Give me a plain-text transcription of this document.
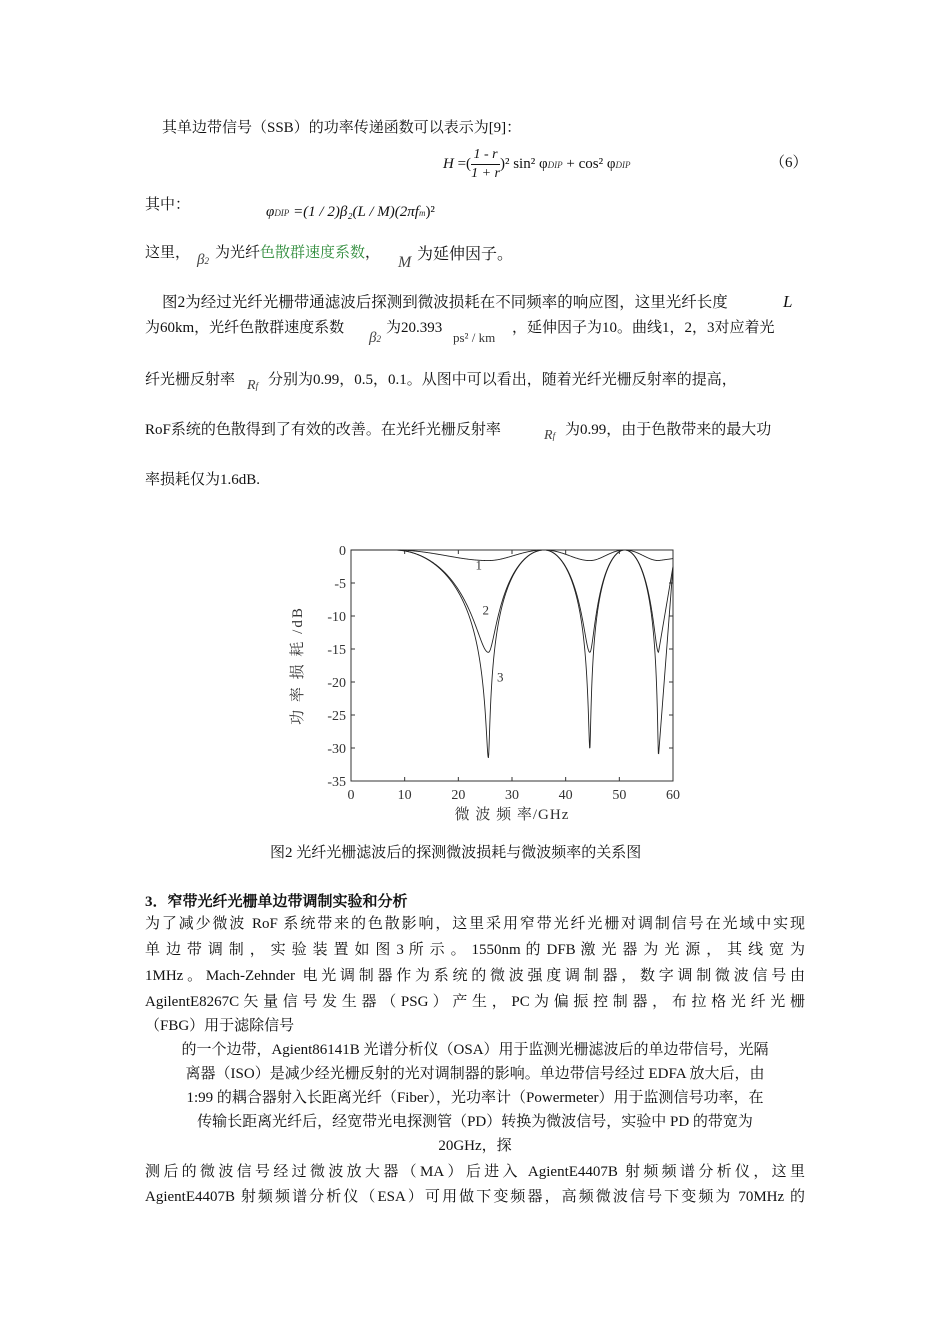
其单边带信号（SSB）的功率传递函数可以表示为[9]：
H =( $\frac{1 - r}{1 + r} )^2$ sin² φDIP + cos² φDIP	（6）
其中：	φDIP =(1 / 2)β₂(L / M)(2πfm)²
这里， β2 为光纤色散群速度系数，
M 为延伸因子。
图2为经过光纤光栅带通滤波后探测到微波损耗在不同频率的响应图，这里光纤长度	L
为60km，光纤色散群速度系数
β2
为20.393
ps² / km
，延伸因子为10。曲线1，2，3对应着光
纤光栅反射率 Rf 分别为0.99，0.5，0.1。从图中可以看出，随着光纤光栅反射率的提高，
RoF系统的色散得到了有效的改善。在光纤光栅反射率	Rf 为0.99，由于色散带来的最大功
率损耗仅为1.6dB.
0	10	20	30	40	50	60
0
-5
-10
-15
-20
-25
-30
-35
微 波 频 率/GHz
功 率 损 耗 /dB
1
2
3
图2 光纤光栅滤波后的探测微波损耗与微波频率的关系图
3．窄带光纤光栅单边带调制实验和分析
为了减少微波 RoF 系统带来的色散影响，这里采用窄带光纤光栅对调制信号在光域中实现
单 边 带 调 制 ， 实 验 装 置 如 图 3 所 示 。 1550nm 的 DFB 激 光 器 为 光 源 ， 其 线 宽 为
1MHz。Mach-Zehnder 电光调制器作为系统的微波强度调制器，数字调制微波信号由
AgilentE8267C 矢 量 信 号 发 生 器 （ PSG ） 产 生 ， PC 为 偏 振 控 制 器 ， 布 拉 格 光 纤 光 栅
（FBG）用于滤除信号
的一个边带，Agient86141B 光谱分析仪（OSA）用于监测光栅滤波后的单边带信号，光隔
离器（ISO）是减少经光栅反射的光对调制器的影响。单边带信号经过 EDFA 放大后，由
1:99 的耦合器射入长距离光纤（Fiber），光功率计（Powermeter）用于监测信号功率，在
传输长距离光纤后，经宽带光电探测管（PD）转换为微波信号，实验中 PD 的带宽为
20GHz，探
测后的微波信号经过微波放大器（MA）后进入 AgientE4407B 射频频谱分析仪，这里
AgientE4407B 射频频谱分析仪（ESA）可用做下变频器，高频微波信号下变频为 70MHz 的
